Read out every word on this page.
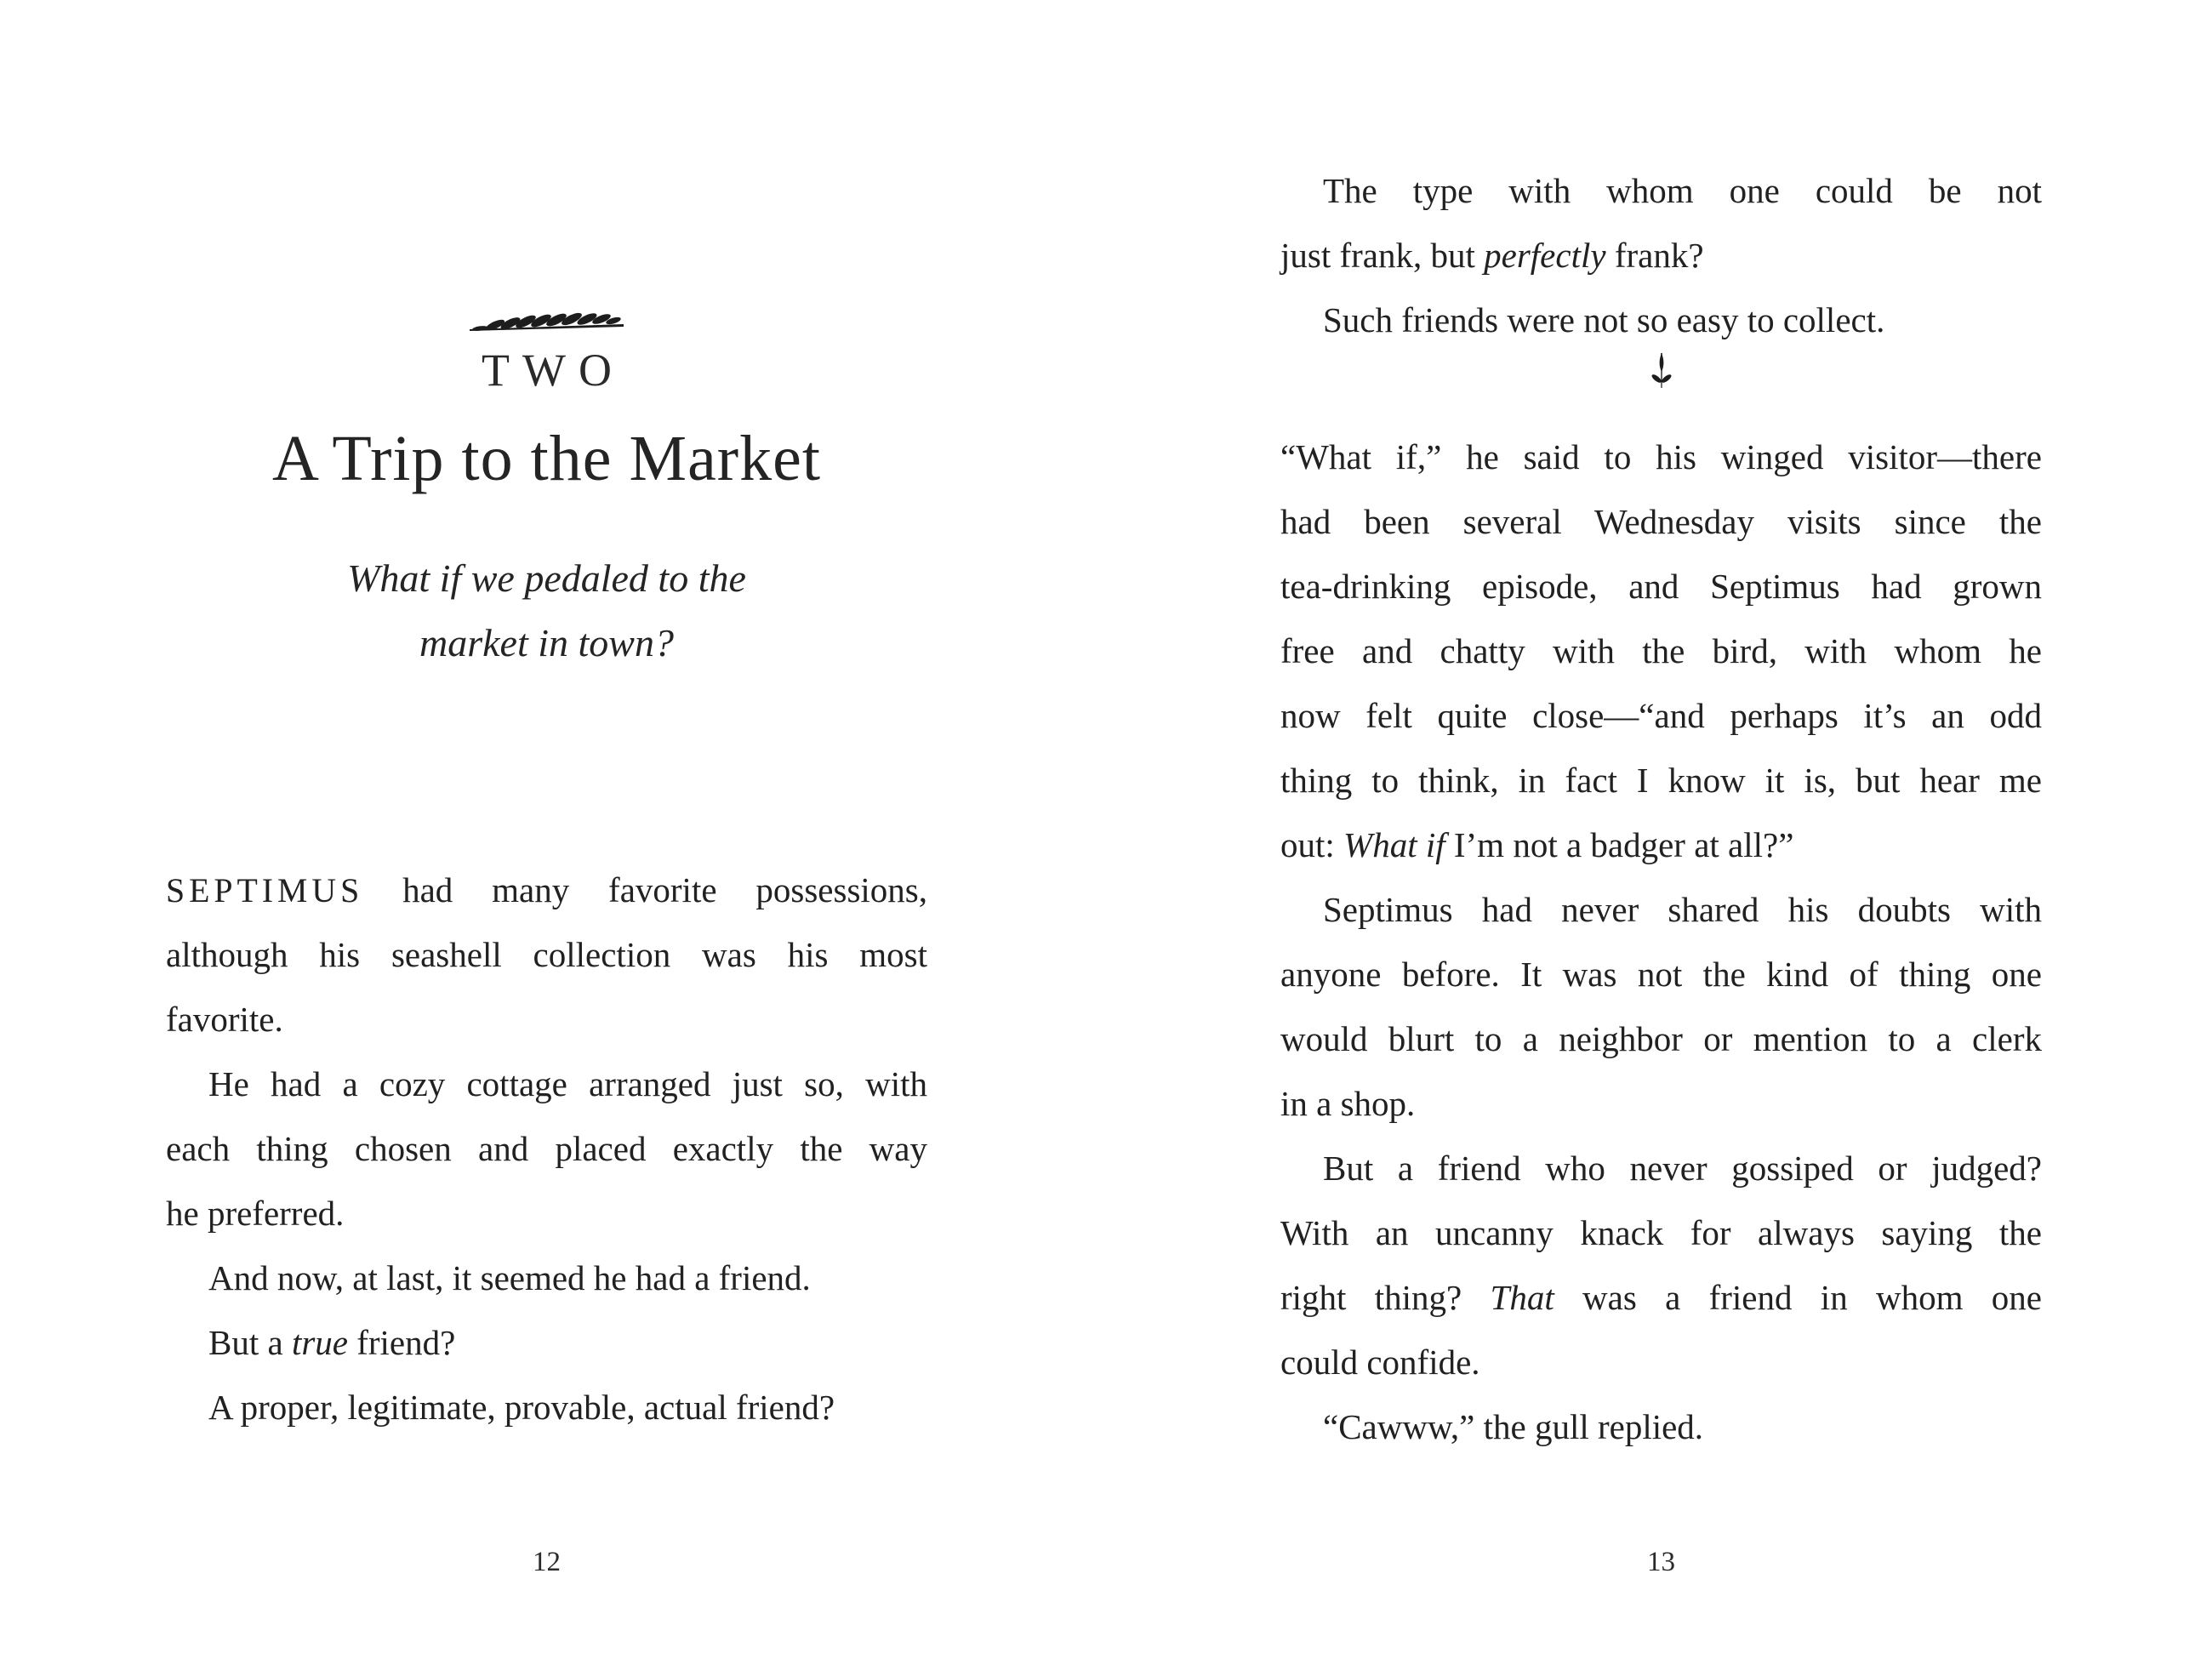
TWO
A Trip to the Market
What if we pedaled to the
market in town?
SEPTIMUS had many favorite possessions,
although his seashell collection was his most
favorite.
He had a cozy cottage arranged just so, with
each thing chosen and placed exactly the way
he preferred.
And now, at last, it seemed he had a friend.
But a true friend?
A proper, legitimate, provable, actual friend?
12
The type with whom one could be not
just frank, but perfectly frank?
Such friends were not so easy to collect.
“What if,” he said to his winged visitor—there
had been several Wednesday visits since the
tea-drinking episode, and Septimus had grown
free and chatty with the bird, with whom he
now felt quite close—“and perhaps it’s an odd
thing to think, in fact I know it is, but hear me
out: What if I’m not a badger at all?”
Septimus had never shared his doubts with
anyone before. It was not the kind of thing one
would blurt to a neighbor or mention to a clerk
in a shop.
But a friend who never gossiped or judged?
With an uncanny knack for always saying the
right thing? That was a friend in whom one
could confide.
“Cawww,” the gull replied.
13
